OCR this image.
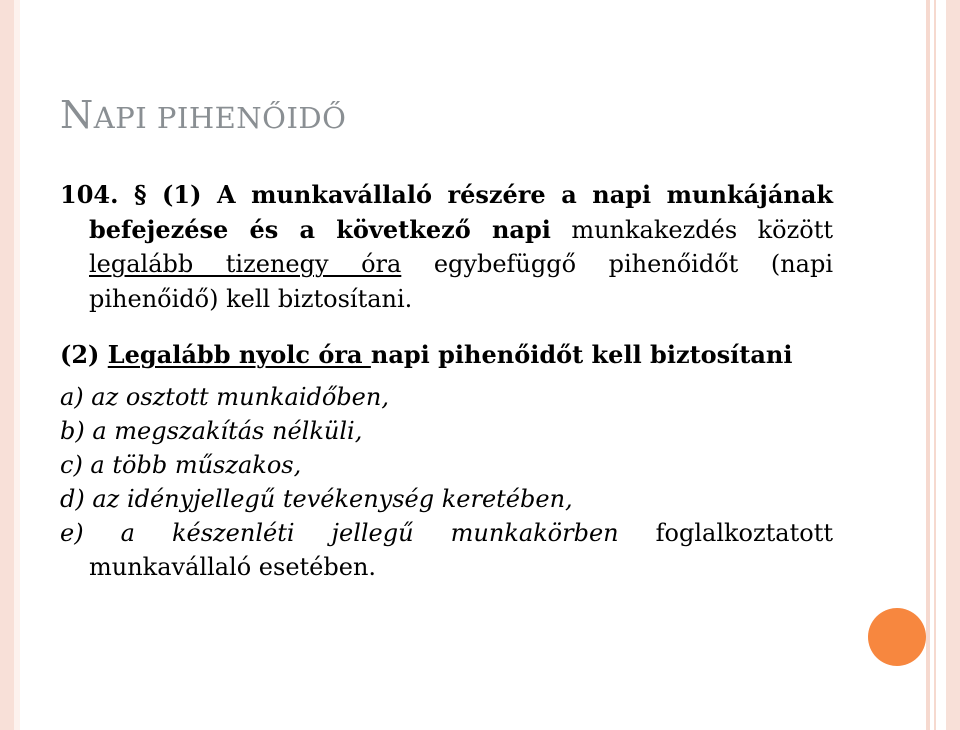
NAPI PIHENŐIDŐ

104. § (1) A munkavállaló részére a napi munkájának befejezése és a következő napi munkakezdés között legalább tizenegy óra egybefüggő pihenőidőt (napi pihenőidő) kell biztosítani.

(2) Legalább nyolc óra napi pihenőidőt kell biztosítani

a) az osztott munkaidőben,

b) a megszakítás nélküli,

c) a több műszakos,

d) az idényjellegű tevékenység keretében,

e) a készenléti jellegű munkakörben foglalkoztatott munkavállaló esetében.
